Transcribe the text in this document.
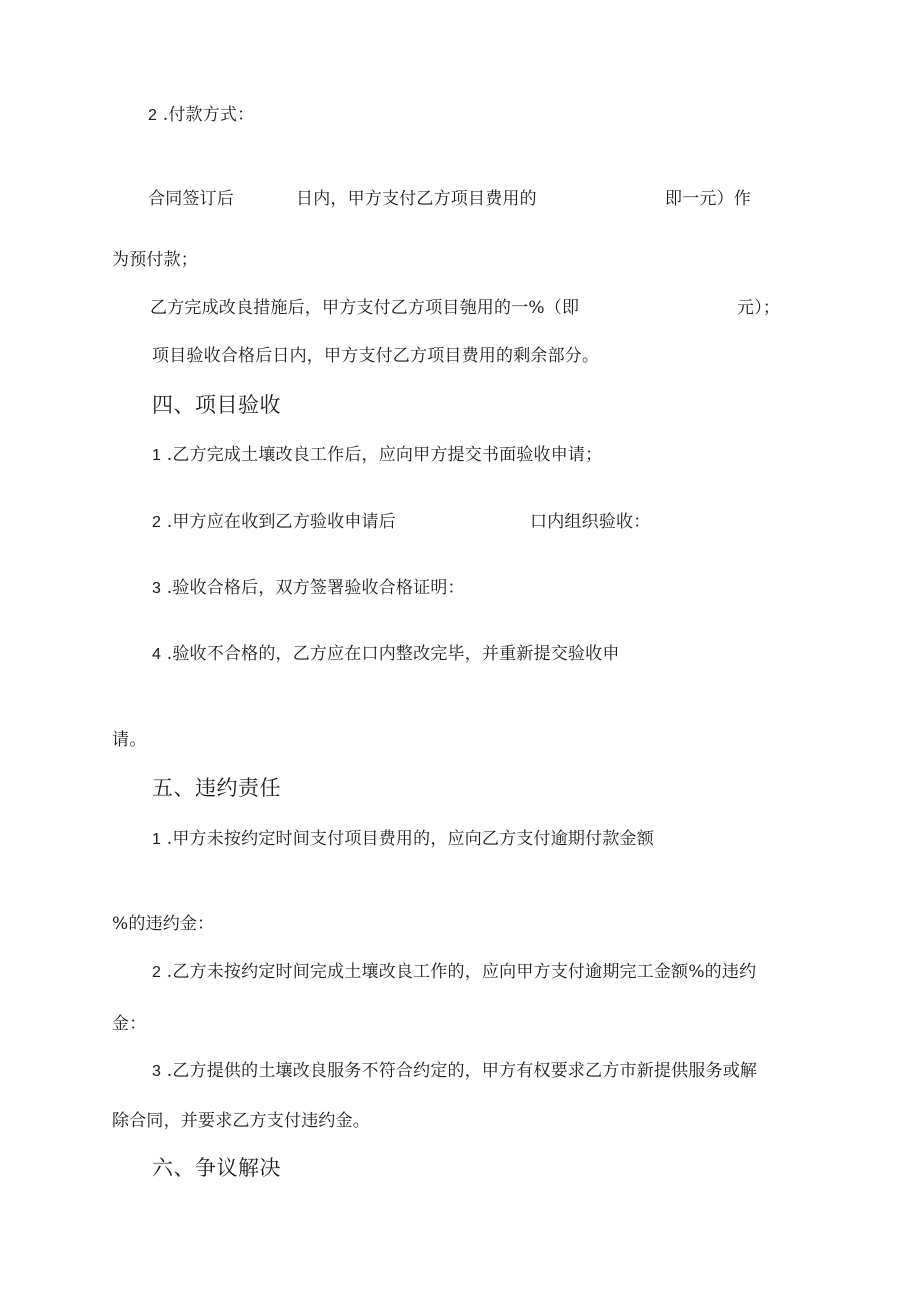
2 .付款方式：
合同签订后	日内，甲方支付乙方项目费用的	即一元）作
为预付款；
乙方完成改良措施后，甲方支付乙方项目匏用的一%（即	元）；
项目验收合格后日内，甲方支付乙方项目费用的剩余部分。
四、项目验收
1 .乙方完成土壤改良工作后，应向甲方提交书面验收申请；
2 .甲方应在收到乙方验收申请后	口内组织验收：
3 .验收合格后，双方签署验收合格证明：
4 .验收不合格的，乙方应在口内整改完毕，并重新提交验收申
请。
五、违约责任
1 .甲方未按约定时间支付项目费用的，应向乙方支付逾期付款金额
%的违约金：
2 .乙方未按约定时间完成土壤改良工作的，应向甲方支付逾期完工金额%的违约
金：
3 .乙方提供的土壤改良服务不符合约定的，甲方有权要求乙方市新提供服务或解
除合同，并要求乙方支付违约金。
六、争议解决
